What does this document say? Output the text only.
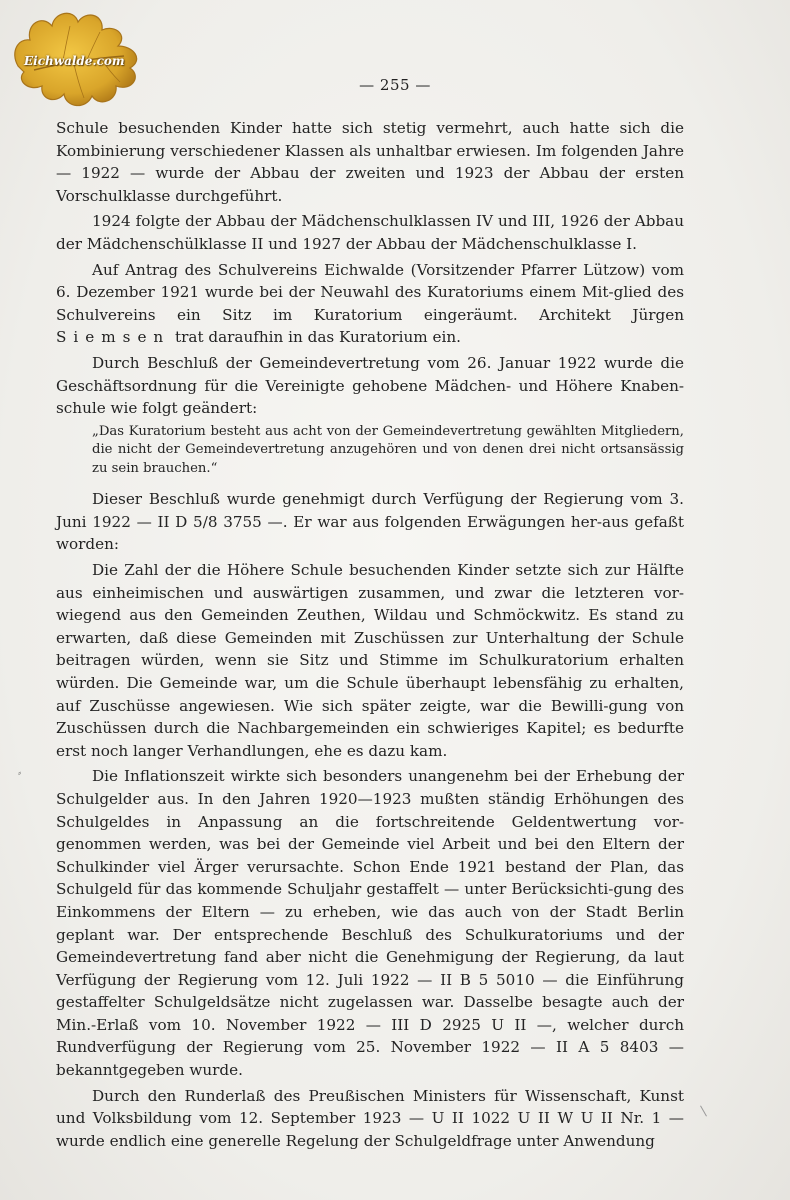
Eichwalde.com
— 255 —

Schule besuchenden Kinder hatte sich stetig vermehrt, auch hatte sich die Kombinierung verschiedener Klassen als unhaltbar erwiesen. Im folgenden Jahre — 1922 — wurde der Abbau der zweiten und 1923 der Abbau der ersten Vorschulklasse durchgeführt.

1924 folgte der Abbau der Mädchenschulklassen IV und III, 1926 der Abbau der Mädchenschülklasse II und 1927 der Abbau der Mädchenschulklasse I.

Auf Antrag des Schulvereins Eichwalde (Vorsitzender Pfarrer Lützow) vom 6. Dezember 1921 wurde bei der Neuwahl des Kuratoriums einem Mit-glied des Schulvereins ein Sitz im Kuratorium eingeräumt. Architekt Jürgen Siemsen trat daraufhin in das Kuratorium ein.

Durch Beschluß der Gemeindevertretung vom 26. Januar 1922 wurde die Geschäftsordnung für die Vereinigte gehobene Mädchen- und Höhere Knaben-schule wie folgt geändert:

„Das Kuratorium besteht aus acht von der Gemeindevertretung gewählten Mitgliedern, die nicht der Gemeindevertretung anzugehören und von denen drei nicht ortsansässig zu sein brauchen.“

Dieser Beschluß wurde genehmigt durch Verfügung der Regierung vom 3. Juni 1922 — II D 5/8 3755 —. Er war aus folgenden Erwägungen her-aus gefaßt worden:

Die Zahl der die Höhere Schule besuchenden Kinder setzte sich zur Hälfte aus einheimischen und auswärtigen zusammen, und zwar die letzteren vor-wiegend aus den Gemeinden Zeuthen, Wildau und Schmöckwitz. Es stand zu erwarten, daß diese Gemeinden mit Zuschüssen zur Unterhaltung der Schule beitragen würden, wenn sie Sitz und Stimme im Schulkuratorium erhalten würden. Die Gemeinde war, um die Schule überhaupt lebensfähig zu erhalten, auf Zuschüsse angewiesen. Wie sich später zeigte, war die Bewilli-gung von Zuschüssen durch die Nachbargemeinden ein schwieriges Kapitel; es bedurfte erst noch langer Verhandlungen, ehe es dazu kam.

Die Inflationszeit wirkte sich besonders unangenehm bei der Erhebung der Schulgelder aus. In den Jahren 1920—1923 mußten ständig Erhöhungen des Schulgeldes in Anpassung an die fortschreitende Geldentwertung vor-genommen werden, was bei der Gemeinde viel Arbeit und bei den Eltern der Schulkinder viel Ärger verursachte. Schon Ende 1921 bestand der Plan, das Schulgeld für das kommende Schuljahr gestaffelt — unter Berücksichti-gung des Einkommens der Eltern — zu erheben, wie das auch von der Stadt Berlin geplant war. Der entsprechende Beschluß des Schulkuratoriums und der Gemeindevertretung fand aber nicht die Genehmigung der Regierung, da laut Verfügung der Regierung vom 12. Juli 1922 — II B 5 5010 — die Einführung gestaffelter Schulgeldsätze nicht zugelassen war. Dasselbe besagte auch der Min.-Erlaß vom 10. November 1922 — III D 2925 U II —, welcher durch Rundverfügung der Regierung vom 25. November 1922 — II A 5 8403 — bekanntgegeben wurde.

Durch den Runderlaß des Preußischen Ministers für Wissenschaft, Kunst und Volksbildung vom 12. September 1923 — U II 1022 U II W U II Nr. 1 — wurde endlich eine generelle Regelung der Schulgeldfrage unter Anwendung

⸗
